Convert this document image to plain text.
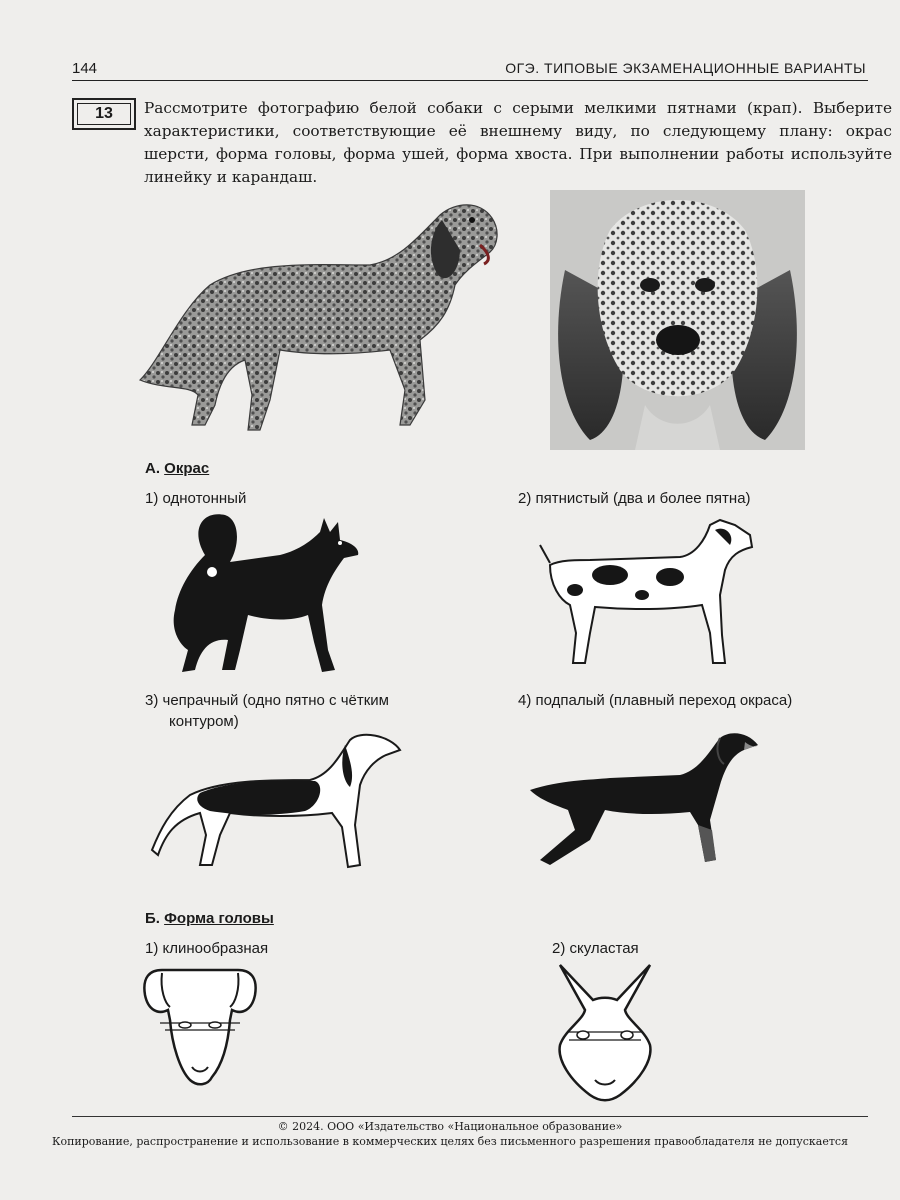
144	ОГЭ. ТИПОВЫЕ ЭКЗАМЕНАЦИОННЫЕ ВАРИАНТЫ
13 Рассмотрите фотографию белой собаки с серыми мелкими пятнами (крап). Выберите характеристики, соответствующие её внешнему виду, по следующему плану: окрас шерсти, форма головы, форма ушей, форма хвоста. При выполнении работы используйте линейку и карандаш.
А. Окрас
1) однотонный	2) пятнистый (два и более пятна)
3) чепрачный (одно пятно с чётким
контуром)
4) подпалый (плавный переход окраса)
Б. Форма головы
1) клинообразная	2) скуластая
© 2024. ООО «Издательство «Национальное образование»
Копирование, распространение и использование в коммерческих целях без письменного разрешения правообладателя не допускается
